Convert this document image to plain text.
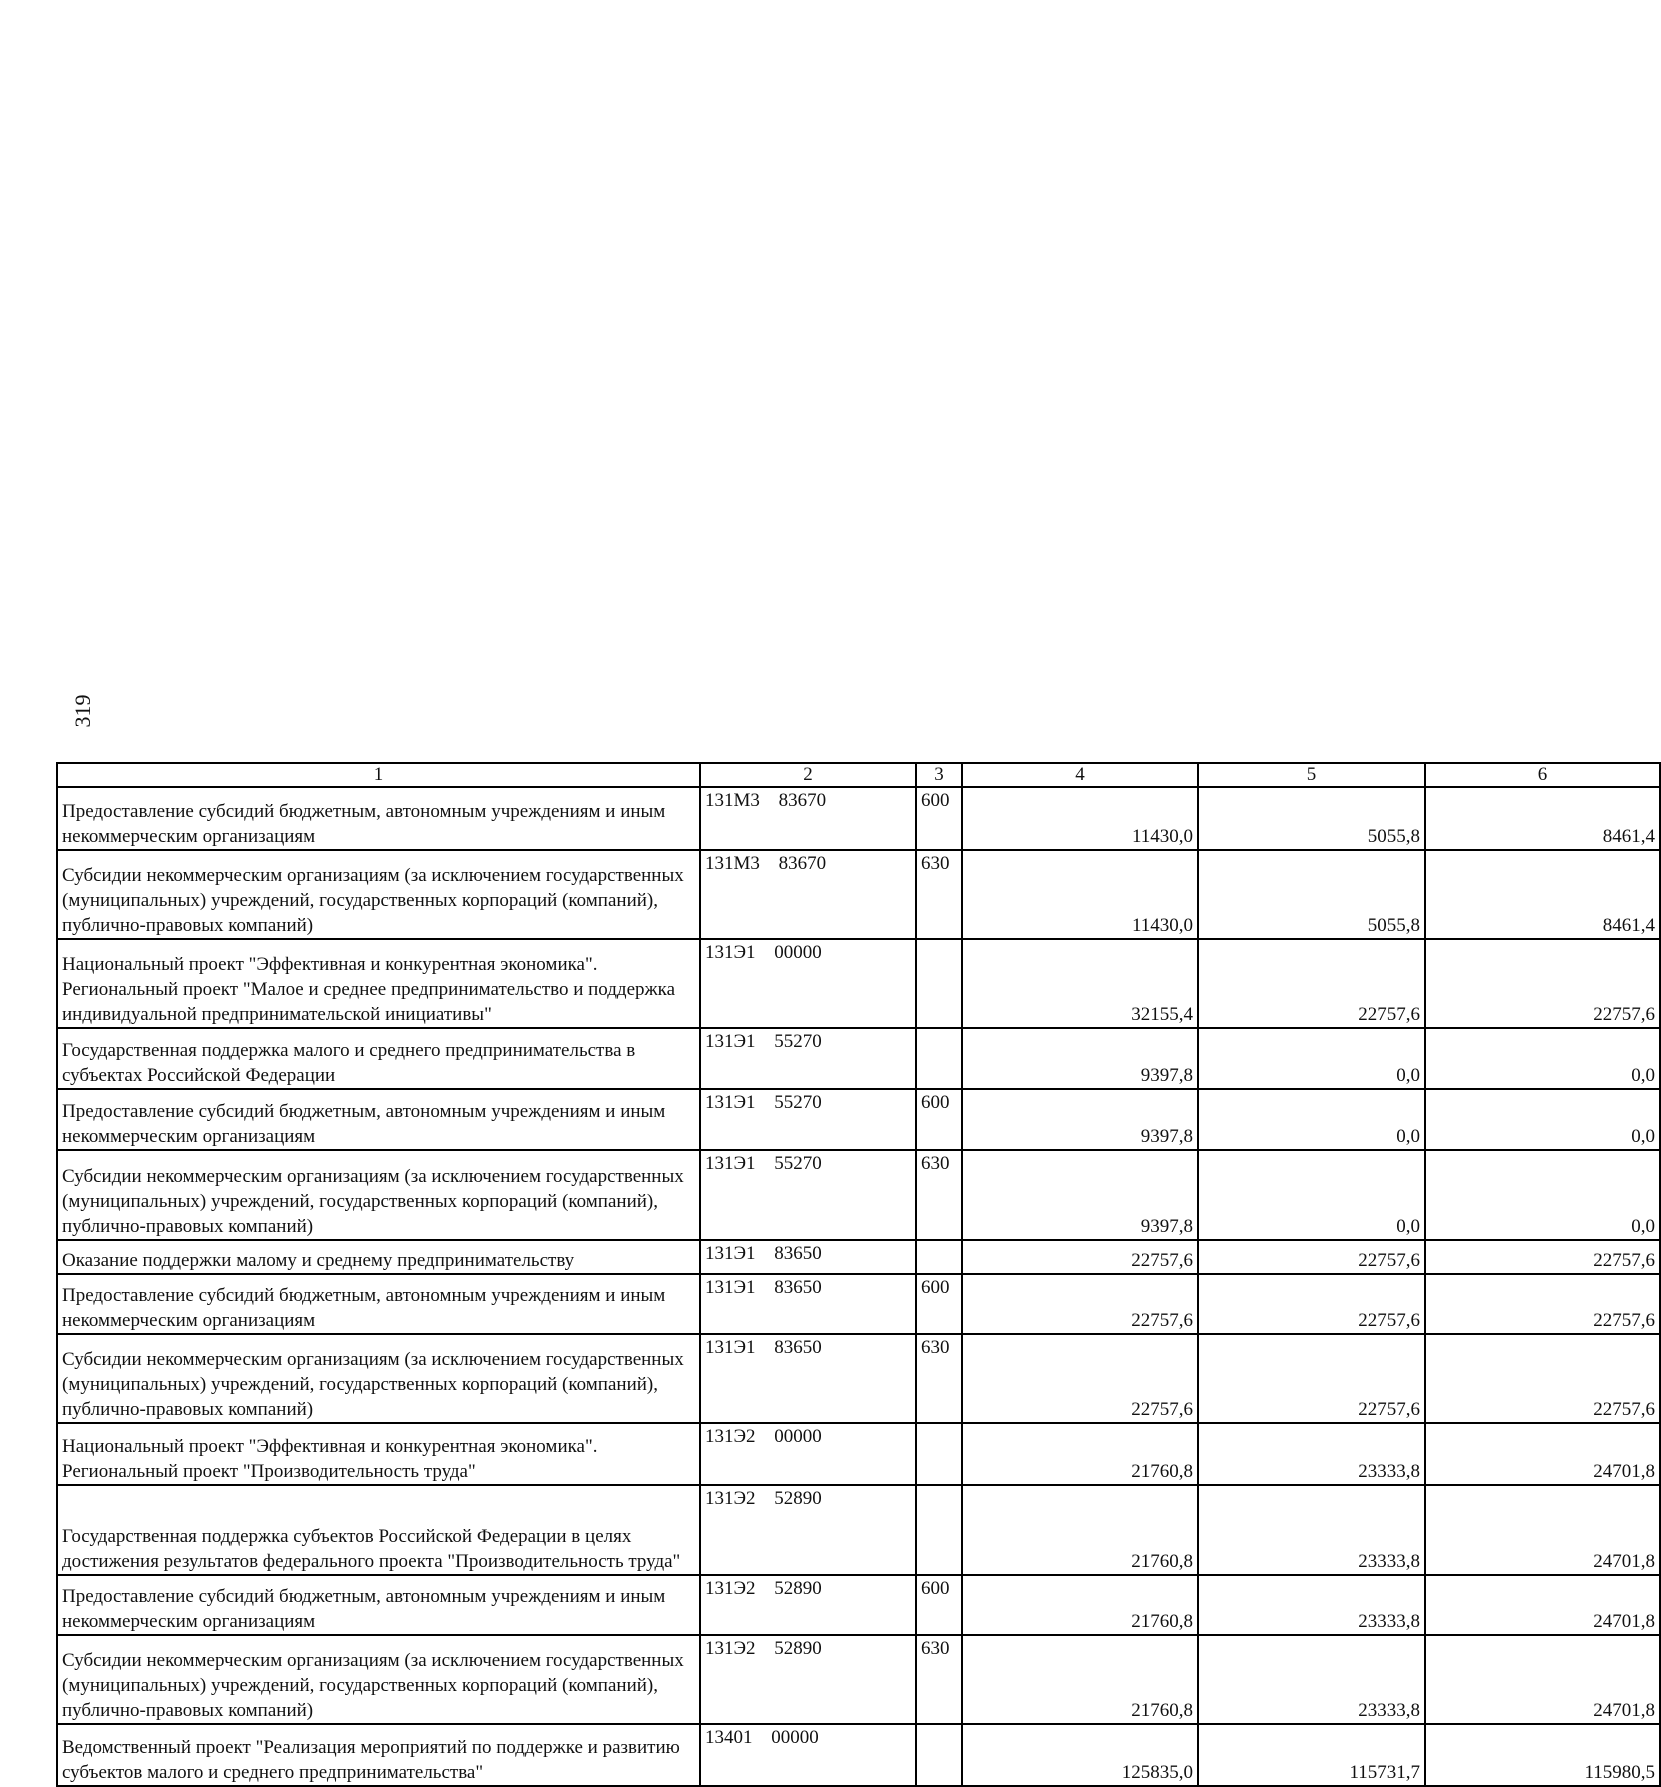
319
1	2	3	4	5	6
Предоставление субсидий бюджетным, автономным учреждениям и иным некоммерческим организациям	131М3 83670	600	11430,0	5055,8	8461,4
Субсидии некоммерческим организациям (за исключением государственных (муниципальных) учреждений, государственных корпораций (компаний), публично-правовых компаний)	131М3 83670	630	11430,0	5055,8	8461,4
Национальный проект "Эффективная и конкурентная экономика". Региональный проект "Малое и среднее предпринимательство и поддержка индивидуальной предпринимательской инициативы"	131Э1 00000		32155,4	22757,6	22757,6
Государственная поддержка малого и среднего предпринимательства в субъектах Российской Федерации	131Э1 55270		9397,8	0,0	0,0
Предоставление субсидий бюджетным, автономным учреждениям и иным некоммерческим организациям	131Э1 55270	600	9397,8	0,0	0,0
Субсидии некоммерческим организациям (за исключением государственных (муниципальных) учреждений, государственных корпораций (компаний), публично-правовых компаний)	131Э1 55270	630	9397,8	0,0	0,0
Оказание поддержки малому и среднему предпринимательству	131Э1 83650		22757,6	22757,6	22757,6
Предоставление субсидий бюджетным, автономным учреждениям и иным некоммерческим организациям	131Э1 83650	600	22757,6	22757,6	22757,6
Субсидии некоммерческим организациям (за исключением государственных (муниципальных) учреждений, государственных корпораций (компаний), публично-правовых компаний)	131Э1 83650	630	22757,6	22757,6	22757,6
Национальный проект "Эффективная и конкурентная экономика". Региональный проект "Производительность труда"	131Э2 00000		21760,8	23333,8	24701,8
Государственная поддержка субъектов Российской Федерации в целях достижения результатов федерального проекта "Производительность труда"	131Э2 52890		21760,8	23333,8	24701,8
Предоставление субсидий бюджетным, автономным учреждениям и иным некоммерческим организациям	131Э2 52890	600	21760,8	23333,8	24701,8
Субсидии некоммерческим организациям (за исключением государственных (муниципальных) учреждений, государственных корпораций (компаний), публично-правовых компаний)	131Э2 52890	630	21760,8	23333,8	24701,8
Ведомственный проект "Реализация мероприятий по поддержке и развитию субъектов малого и среднего предпринимательства"	13401 00000		125835,0	115731,7	115980,5
